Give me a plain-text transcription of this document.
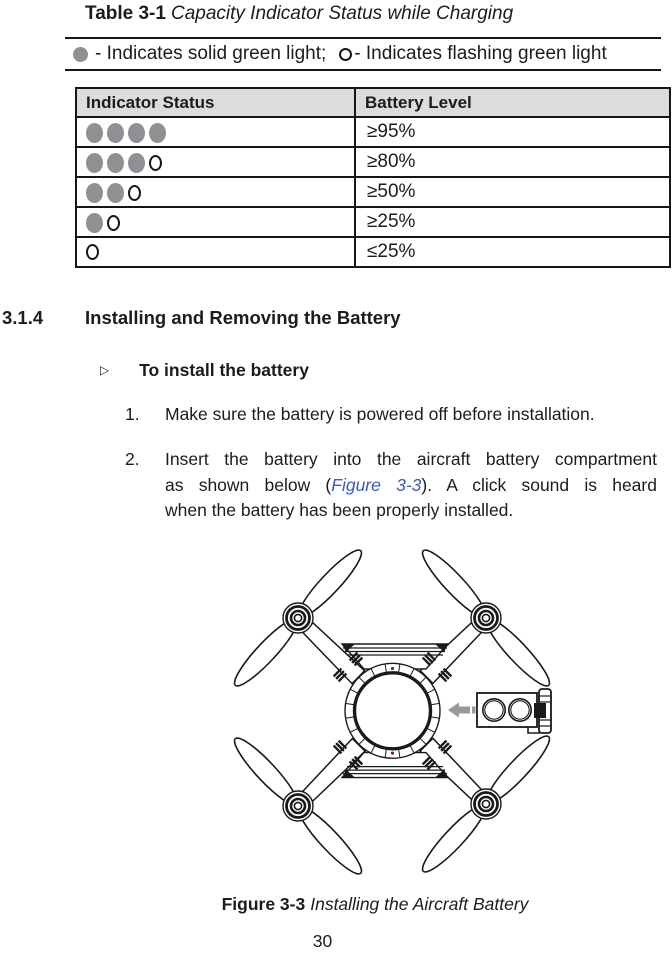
Table 3-1 Capacity Indicator Status while Charging
- Indicates solid green light; - Indicates flashing green light
Indicator Status	Battery Level
	≥95%
	≥80%
	≥50%
	≥25%
	≤25%
3.1.4 Installing and Removing the Battery
▷ To install the battery
1. Make sure the battery is powered off before installation.
2. Insert the battery into the aircraft battery compartment
as shown below (Figure 3-3). A click sound is heard
when the battery has been properly installed.
Figure 3-3 Installing the Aircraft Battery
30
